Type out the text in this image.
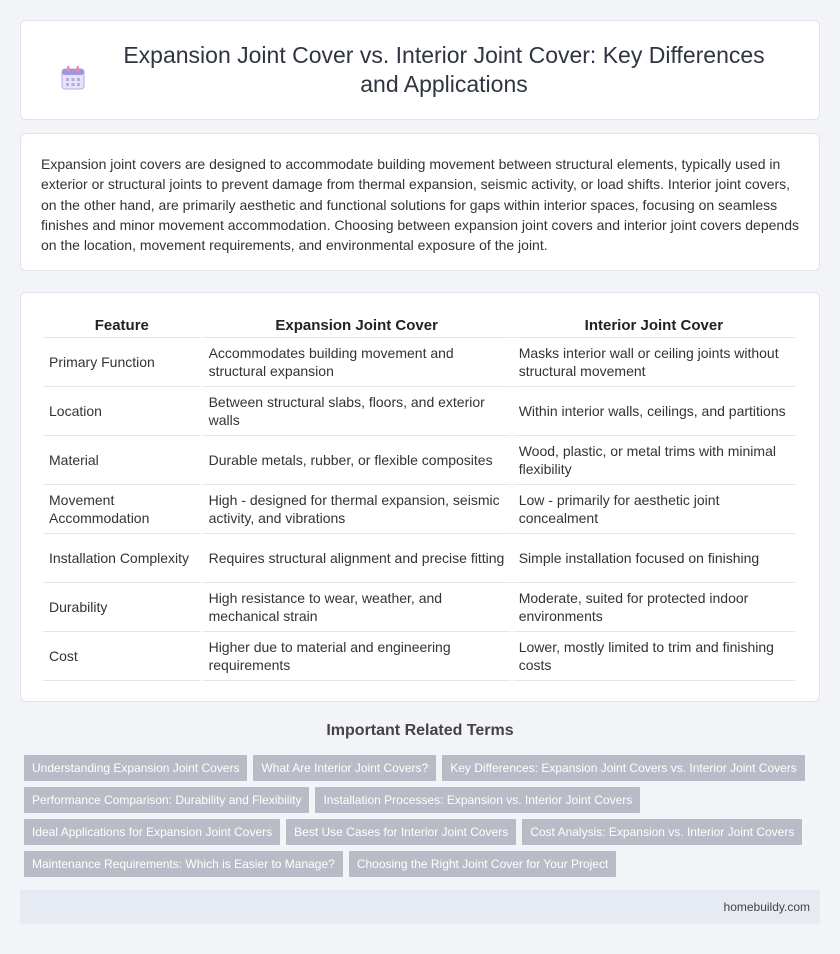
Expansion Joint Cover vs. Interior Joint Cover: Key Differences and Applications

Expansion joint covers are designed to accommodate building movement between structural elements, typically used in exterior or structural joints to prevent damage from thermal expansion, seismic activity, or load shifts. Interior joint covers, on the other hand, are primarily aesthetic and functional solutions for gaps within interior spaces, focusing on seamless finishes and minor movement accommodation. Choosing between expansion joint covers and interior joint covers depends on the location, movement requirements, and environmental exposure of the joint.

Feature	Expansion Joint Cover	Interior Joint Cover
Primary Function	Accommodates building movement and structural expansion	Masks interior wall or ceiling joints without structural movement
Location	Between structural slabs, floors, and exterior walls	Within interior walls, ceilings, and partitions
Material	Durable metals, rubber, or flexible composites	Wood, plastic, or metal trims with minimal flexibility
Movement Accommodation	High - designed for thermal expansion, seismic activity, and vibrations	Low - primarily for aesthetic joint concealment
Installation Complexity	Requires structural alignment and precise fitting	Simple installation focused on finishing
Durability	High resistance to wear, weather, and mechanical strain	Moderate, suited for protected indoor environments
Cost	Higher due to material and engineering requirements	Lower, mostly limited to trim and finishing costs
Important Related Terms
Understanding Expansion Joint Covers	What Are Interior Joint Covers?	Key Differences: Expansion Joint Covers vs. Interior Joint Covers
Performance Comparison: Durability and Flexibility	Installation Processes: Expansion vs. Interior Joint Covers
Ideal Applications for Expansion Joint Covers	Best Use Cases for Interior Joint Covers	Cost Analysis: Expansion vs. Interior Joint Covers
Maintenance Requirements: Which is Easier to Manage?	Choosing the Right Joint Cover for Your Project
homebuildy.com
